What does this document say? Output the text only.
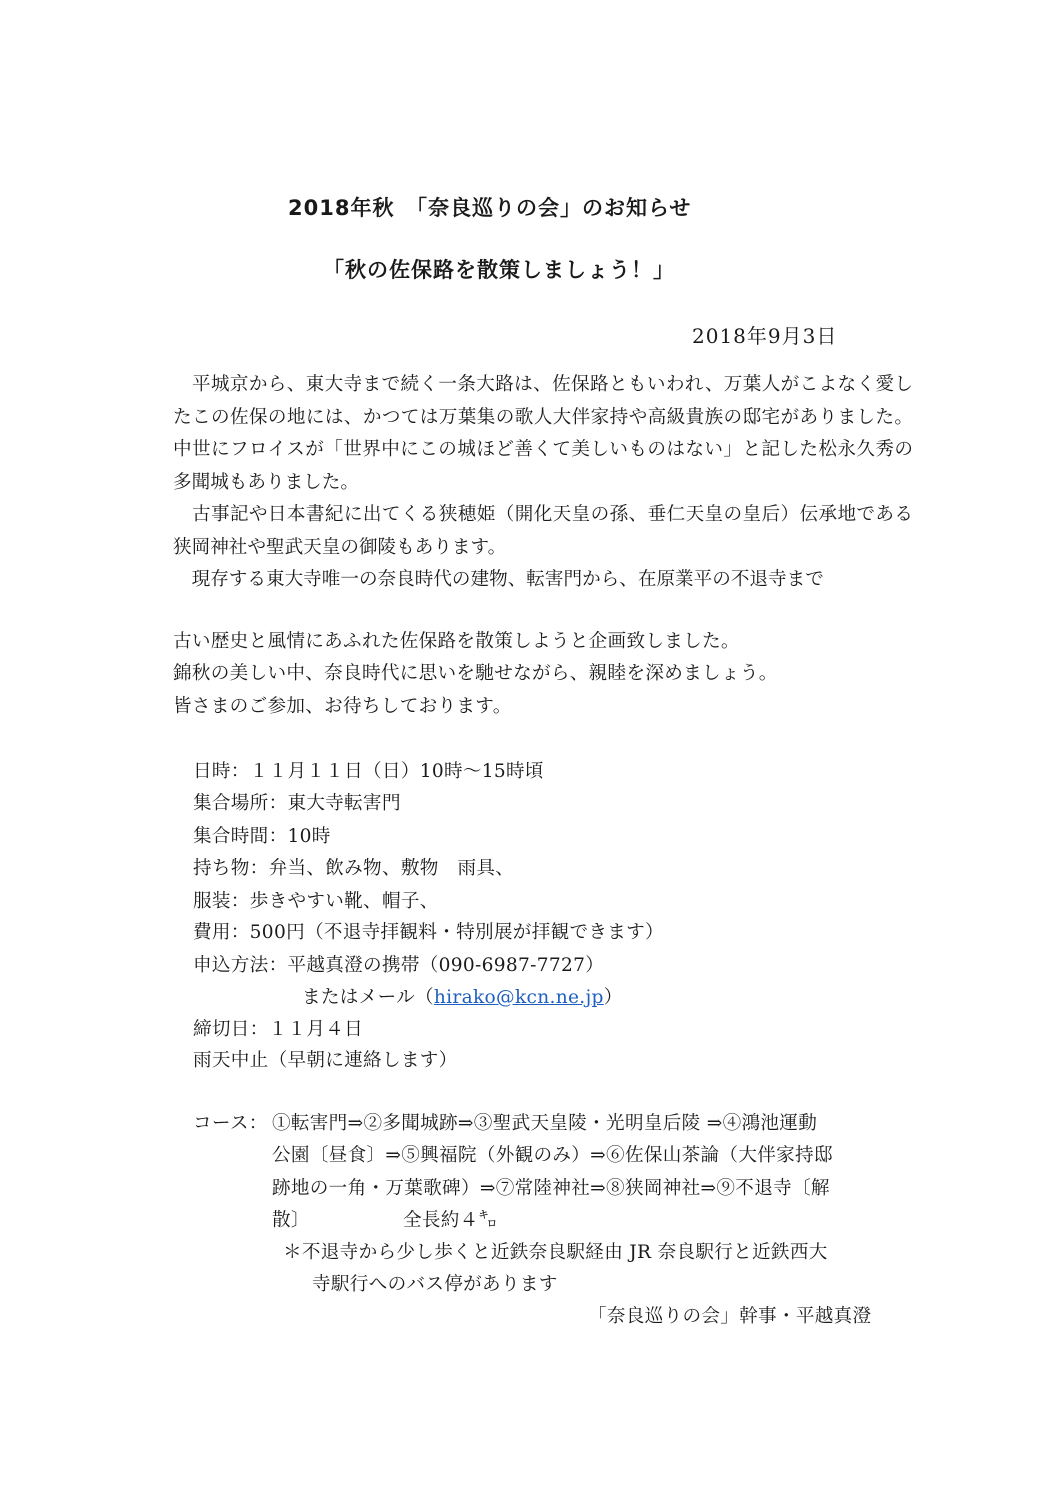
2018年秋　「奈良巡りの会」のお知らせ
「秋の佐保路を散策しましょう！」
2018年9月3日
　平城京から、東大寺まで続く一条大路は、佐保路ともいわれ、万葉人がこよなく愛したこの佐保の地には、かつては万葉集の歌人大伴家持や高級貴族の邸宅がありました。中世にフロイスが「世界中にこの城ほど善くて美しいものはない」と記した松永久秀の多聞城もありました。
　古事記や日本書紀に出てくる狭穂姫（開化天皇の孫、垂仁天皇の皇后）伝承地である狭岡神社や聖武天皇の御陵もあります。
　現存する東大寺唯一の奈良時代の建物、転害門から、在原業平の不退寺まで
古い歴史と風情にあふれた佐保路を散策しようと企画致しました。
錦秋の美しい中、奈良時代に思いを馳せながら、親睦を深めましょう。
皆さまのご参加、お待ちしております。
日時：１１月１１日（日）10時～15時頃
集合場所：東大寺転害門
集合時間：10時
持ち物：弁当、飲み物、敷物　雨具、
服装：歩きやすい靴、帽子、
費用：500円（不退寺拝観料・特別展が拝観できます）
申込方法：平越真澄の携帯（090-6987-7727）
またはメール（hirako@kcn.ne.jp）
締切日：１１月４日
雨天中止（早朝に連絡します）
コース： ①転害門⇒②多聞城跡⇒③聖武天皇陵・光明皇后陵 ⇒④鴻池運動
公園〔昼食〕⇒⑤興福院（外観のみ）⇒⑥佐保山茶論（大伴家持邸
跡地の一角・万葉歌碑）⇒⑦常陸神社⇒⑧狭岡神社⇒⑨不退寺〔解
散〕	全長約４㌔
＊不退寺から少し歩くと近鉄奈良駅経由 JR 奈良駅行と近鉄西大
寺駅行へのバス停があります
「奈良巡りの会」幹事・平越真澄
